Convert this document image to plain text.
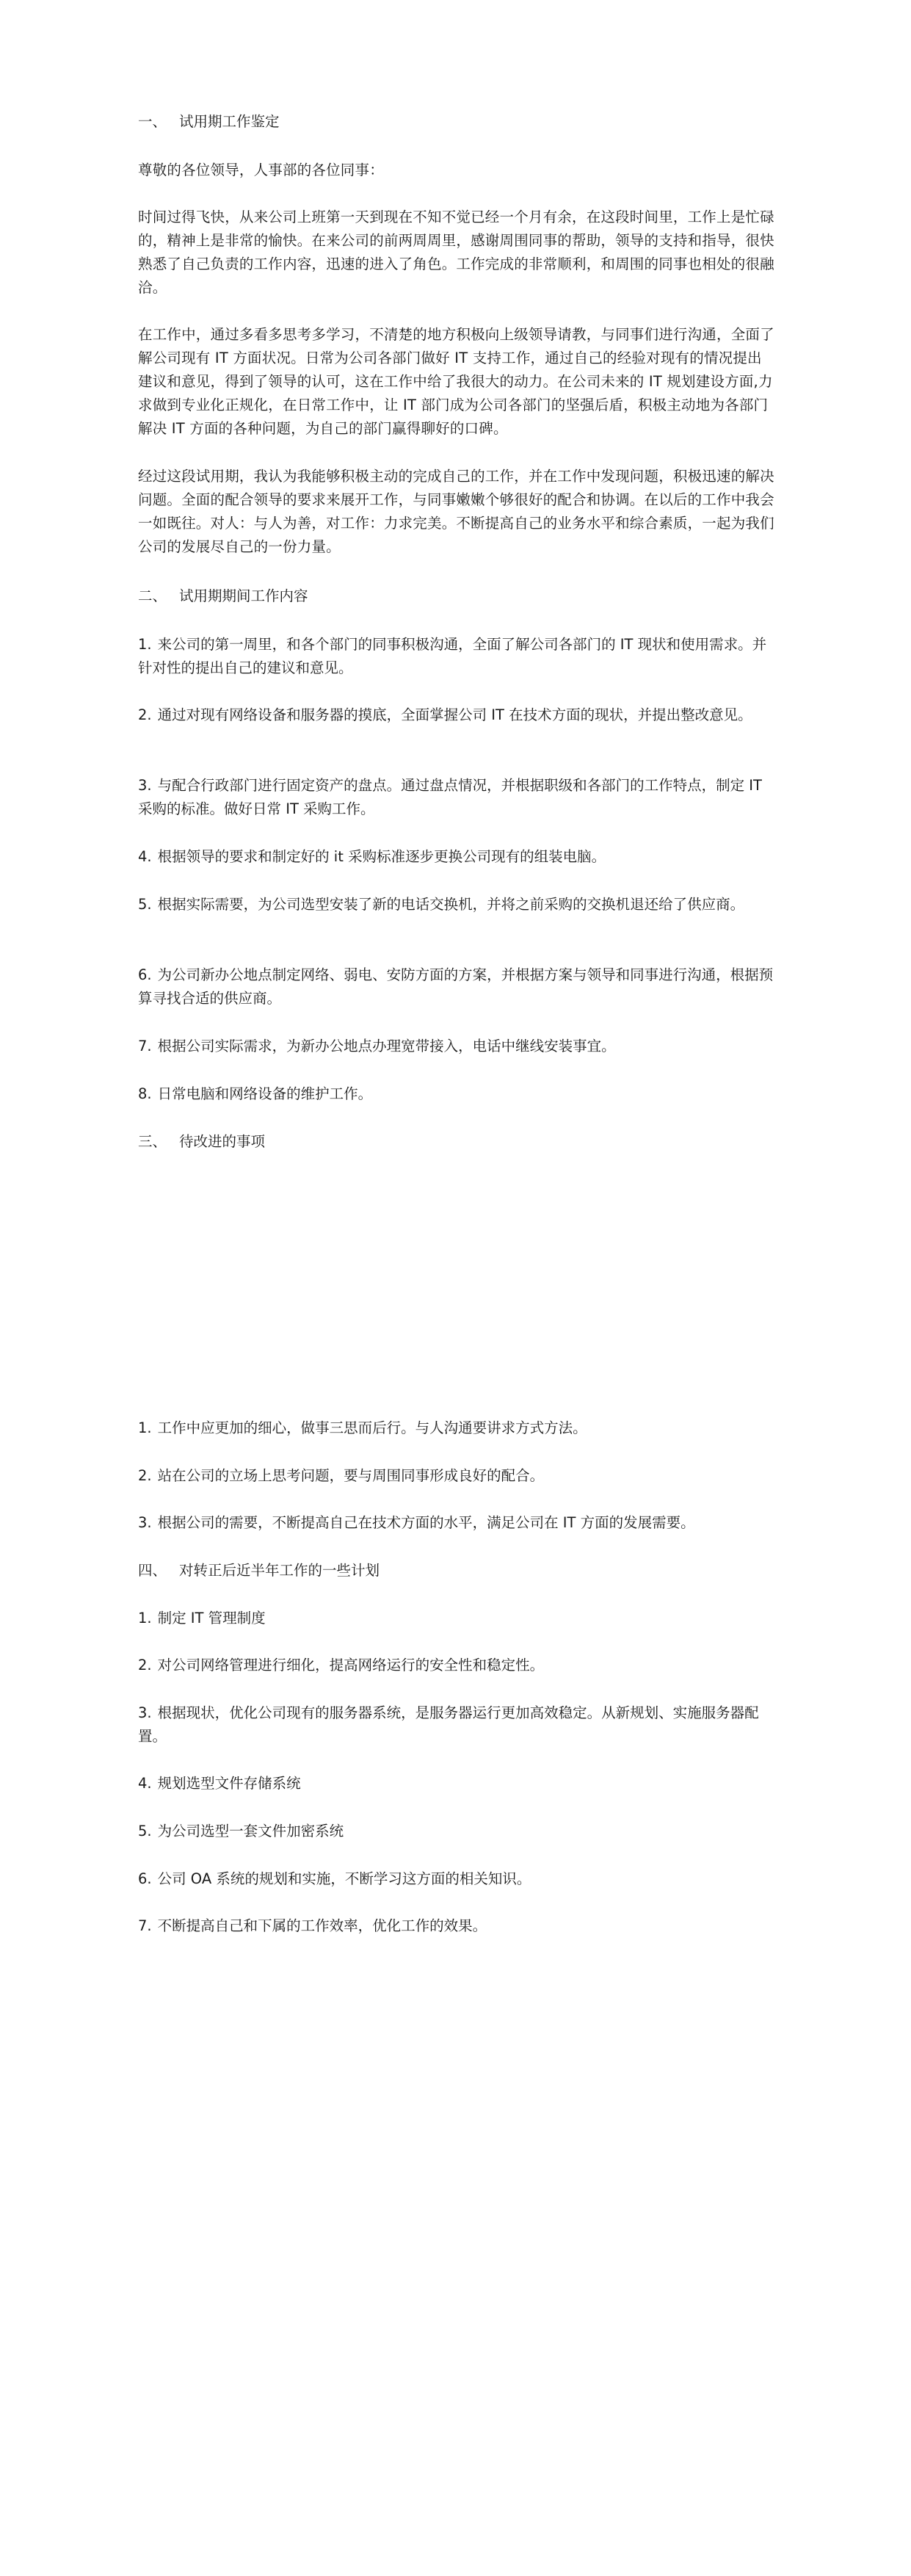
一、 试用期工作鉴定
尊敬的各位领导，人事部的各位同事：
时间过得飞快，从来公司上班第一天到现在不知不觉已经一个月有余，在这段时间里，工作上是忙碌的，精神上是非常的愉快。在来公司的前两周周里，感谢周围同事的帮助，领导的支持和指导，很快熟悉了自己负责的工作内容，迅速的进入了角色。工作完成的非常顺利，和周围的同事也相处的很融洽。
在工作中，通过多看多思考多学习，不清楚的地方积极向上级领导请教，与同事们进行沟通，全面了解公司现有 IT 方面状况。日常为公司各部门做好 IT 支持工作，通过自己的经验对现有的情况提出建议和意见，得到了领导的认可，这在工作中给了我很大的动力。在公司未来的 IT 规划建设方面,力求做到专业化正规化，在日常工作中，让 IT 部门成为公司各部门的坚强后盾，积极主动地为各部门解决 IT 方面的各种问题，为自己的部门赢得聊好的口碑。
经过这段试用期，我认为我能够积极主动的完成自己的工作，并在工作中发现问题，积极迅速的解决问题。全面的配合领导的要求来展开工作，与同事嫩嫩个够很好的配合和协调。在以后的工作中我会一如既往。对人：与人为善，对工作：力求完美。不断提高自己的业务水平和综合素质，一起为我们公司的发展尽自己的一份力量。
二、 试用期期间工作内容
1. 来公司的第一周里，和各个部门的同事积极沟通，全面了解公司各部门的 IT 现状和使用需求。并针对性的提出自己的建议和意见。
2. 通过对现有网络设备和服务器的摸底，全面掌握公司 IT 在技术方面的现状，并提出整改意见。
3. 与配合行政部门进行固定资产的盘点。通过盘点情况，并根据职级和各部门的工作特点，制定 IT 采购的标准。做好日常 IT 采购工作。
4. 根据领导的要求和制定好的 it 采购标准逐步更换公司现有的组装电脑。
5. 根据实际需要，为公司选型安装了新的电话交换机，并将之前采购的交换机退还给了供应商。
6. 为公司新办公地点制定网络、弱电、安防方面的方案，并根据方案与领导和同事进行沟通，根据预算寻找合适的供应商。
7. 根据公司实际需求，为新办公地点办理宽带接入，电话中继线安装事宜。
8. 日常电脑和网络设备的维护工作。
三、 待改进的事项
1. 工作中应更加的细心，做事三思而后行。与人沟通要讲求方式方法。
2. 站在公司的立场上思考问题，要与周围同事形成良好的配合。
3. 根据公司的需要，不断提高自己在技术方面的水平，满足公司在 IT 方面的发展需要。
四、 对转正后近半年工作的一些计划
1. 制定 IT 管理制度
2. 对公司网络管理进行细化，提高网络运行的安全性和稳定性。
3. 根据现状，优化公司现有的服务器系统，是服务器运行更加高效稳定。从新规划、实施服务器配置。
4. 规划选型文件存储系统
5. 为公司选型一套文件加密系统
6. 公司 OA 系统的规划和实施，不断学习这方面的相关知识。
7. 不断提高自己和下属的工作效率，优化工作的效果。
